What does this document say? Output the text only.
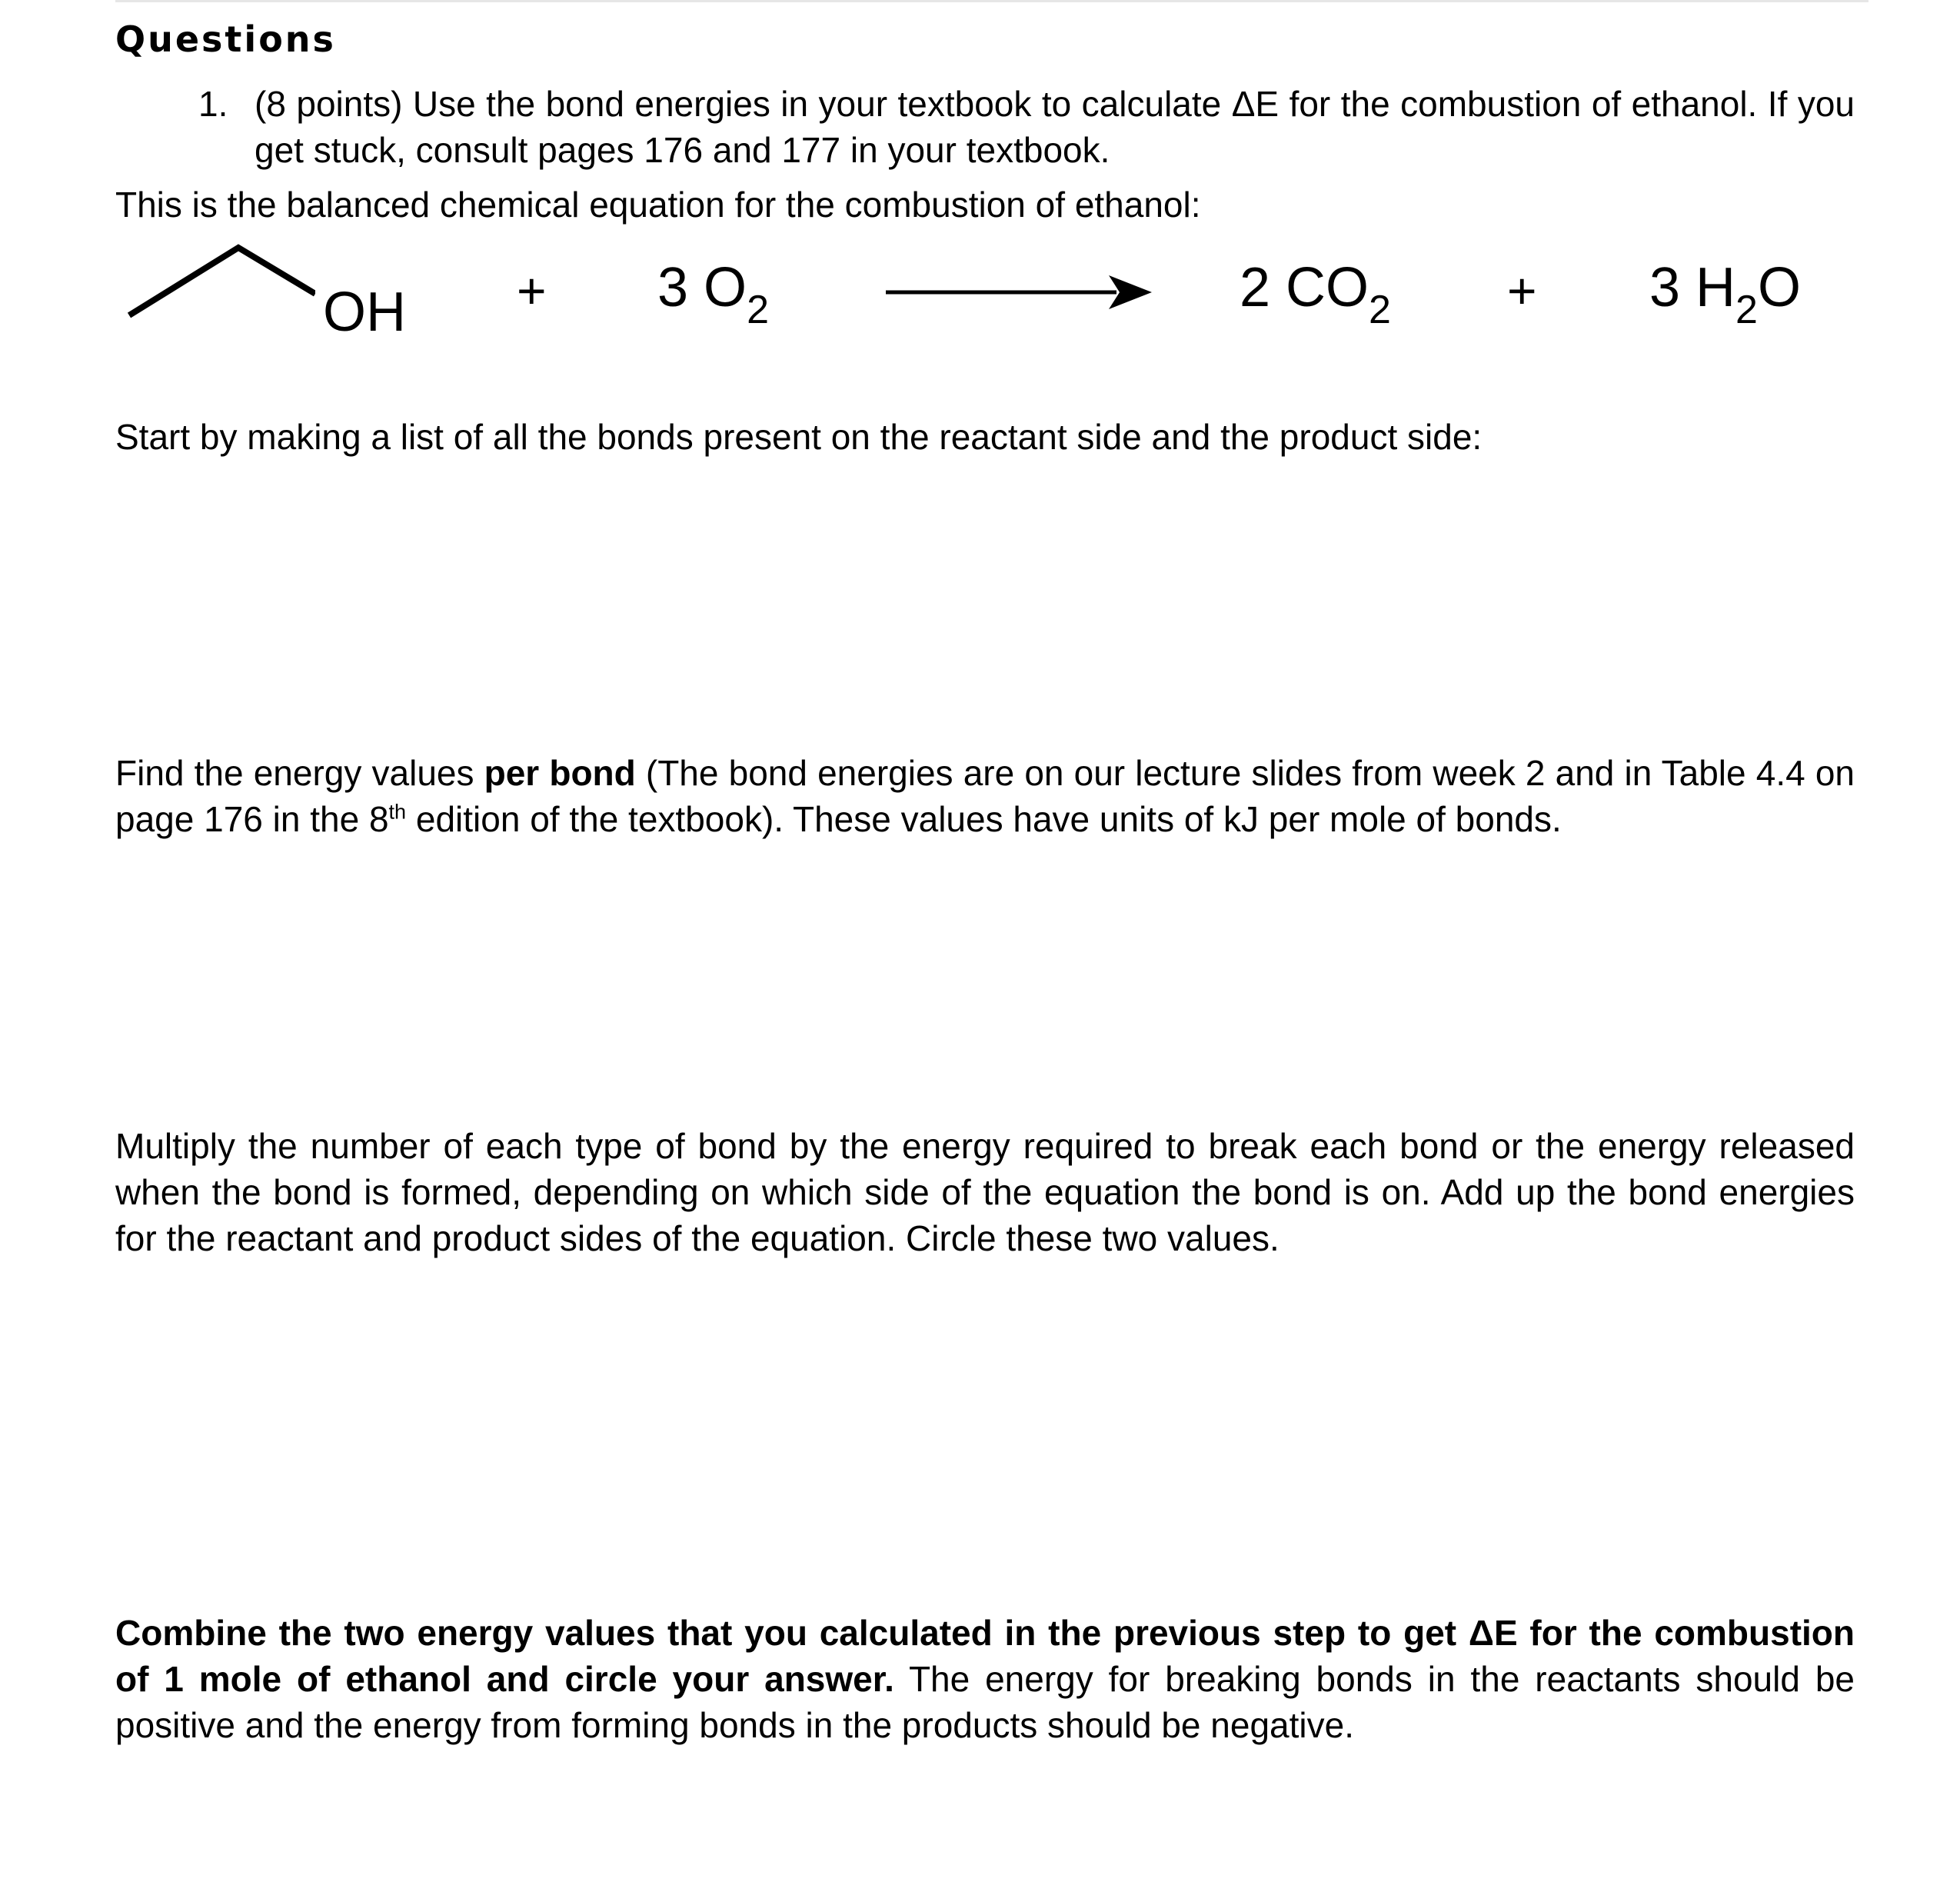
Questions
1. (8 points) Use the bond energies in your textbook to calculate ΔE for the combustion of ethanol. If you get stuck, consult pages 176 and 177 in your textbook.

This is the balanced chemical equation for the combustion of ethanol:

OH + 3 $O_2$	2 $CO_2 + 3$ $H_2O$

Start by making a list of all the bonds present on the reactant side and the product side:

Find the energy values per bond (The bond energies are on our lecture slides from week 2 and in Table 4.4 on page 176 in the 8th edition of the textbook). These values have units of kJ per mole of bonds.

Multiply the number of each type of bond by the energy required to break each bond or the energy released when the bond is formed, depending on which side of the equation the bond is on. Add up the bond energies for the reactant and product sides of the equation. Circle these two values.

Combine the two energy values that you calculated in the previous step to get ΔE for the combustion of 1 mole of ethanol and circle your answer. The energy for breaking bonds in the reactants should be positive and the energy from forming bonds in the products should be negative.
